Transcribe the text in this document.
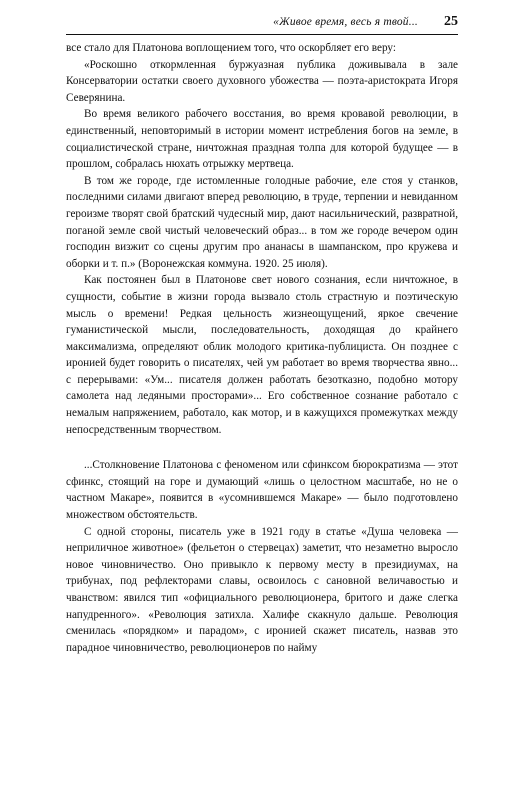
«Живое время, весь я твой... 25

все стало для Платонова воплощением того, что оскорбляет его веру:

«Роскошно откормленная буржуазная публика доживывала в зале Консерватории остатки своего духовного убожества — поэта-аристократа Игоря Северянина.

Во время великого рабочего восстания, во время кровавой революции, в единственный, неповторимый в истории момент истребления богов на земле, в социалистической стране, ничтожная праздная толпа для которой будущее — в прошлом, собралась нюхать отрыжку мертвеца.

В том же городе, где истомленные голодные рабочие, еле стоя у станков, последними силами двигают вперед революцию, в труде, терпении и невиданном героизме творят свой братский чудесный мир, дают насильнический, развратной, поганой земле свой чистый человеческий образ... в том же городе вечером один господин визжит со сцены другим про ананасы в шампанском, про кружева и оборки и т. п.» (Воронежская коммуна. 1920. 25 июля).

Как постоянен был в Платонове свет нового сознания, если ничтожное, в сущности, событие в жизни города вызвало столь страстную и поэтическую мысль о времени! Редкая цельность жизнеощущений, яркое свечение гуманистической мысли, последовательность, доходящая до крайнего максимализма, определяют облик молодого критика-публициста. Он позднее с иронией будет говорить о писателях, чей ум работает во время творчества явно... с перерывами: «Ум... писателя должен работать безотказно, подобно мотору самолета над ледяными просторами»... Его собственное сознание работало с немалым напряжением, работало, как мотор, и в кажущихся промежутках между непосредственным творчеством.

...Столкновение Платонова с феноменом или сфинксом бюрократизма — этот сфинкс, стоящий на горе и думающий «лишь о целостном масштабе, но не о частном Макаре», появится в «усомнившемся Макаре» — было подготовлено множеством обстоятельств.

С одной стороны, писатель уже в 1921 году в статье «Душа человека — неприличное животное» (фельетон о стервецах) заметит, что незаметно выросло новое чиновничество. Оно привыкло к первому месту в президиумах, на трибунах, под рефлекторами славы, освоилось с сановной величавостью и чванством: явился тип «официального революционера, бритого и даже слегка напудренного». «Революция затихла. Халифе скакнуло дальше. Революция сменилась «порядком» и парадом», с иронией скажет писатель, назвав это парадное чиновничество, революционеров по найму
